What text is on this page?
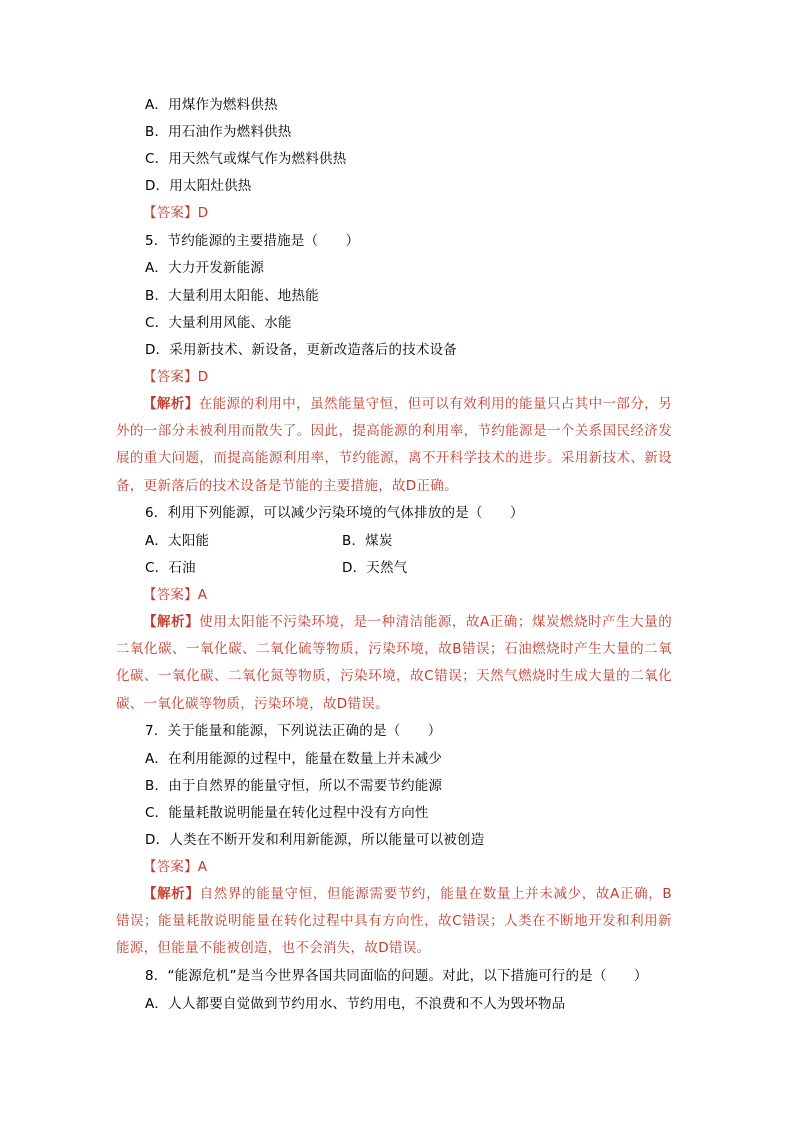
A．用煤作为燃料供热
B．用石油作为燃料供热
C．用天然气或煤气作为燃料供热
D．用太阳灶供热
【答案】D
5．节约能源的主要措施是（　　）
A．大力开发新能源
B．大量利用太阳能、地热能
C．大量利用风能、水能
D．采用新技术、新设备，更新改造落后的技术设备
【答案】D
【解析】在能源的利用中，虽然能量守恒，但可以有效利用的能量只占其中一部分，另外的一部分未被利用而散失了。因此，提高能源的利用率，节约能源是一个关系国民经济发展的重大问题，而提高能源利用率，节约能源，离不开科学技术的进步。采用新技术、新设备，更新落后的技术设备是节能的主要措施，故D正确。
6．利用下列能源，可以减少污染环境的气体排放的是（　　）
A．太阳能	B．煤炭
C．石油	D．天然气
【答案】A
【解析】使用太阳能不污染环境，是一种清洁能源，故A正确；煤炭燃烧时产生大量的二氧化碳、一氧化碳、二氧化硫等物质，污染环境，故B错误；石油燃烧时产生大量的二氧化碳、一氧化碳、二氧化氮等物质，污染环境，故C错误；天然气燃烧时生成大量的二氧化碳、一氧化碳等物质，污染环境，故D错误。
7．关于能量和能源，下列说法正确的是（　　）
A．在利用能源的过程中，能量在数量上并未减少
B．由于自然界的能量守恒，所以不需要节约能源
C．能量耗散说明能量在转化过程中没有方向性
D．人类在不断开发和利用新能源，所以能量可以被创造
【答案】A
【解析】自然界的能量守恒，但能源需要节约，能量在数量上并未减少，故A正确，B错误；能量耗散说明能量在转化过程中具有方向性，故C错误；人类在不断地开发和利用新能源，但能量不能被创造，也不会消失，故D错误。
8．“能源危机”是当今世界各国共同面临的问题。对此，以下措施可行的是（　　）
A．人人都要自觉做到节约用水、节约用电，不浪费和不人为毁坏物品
